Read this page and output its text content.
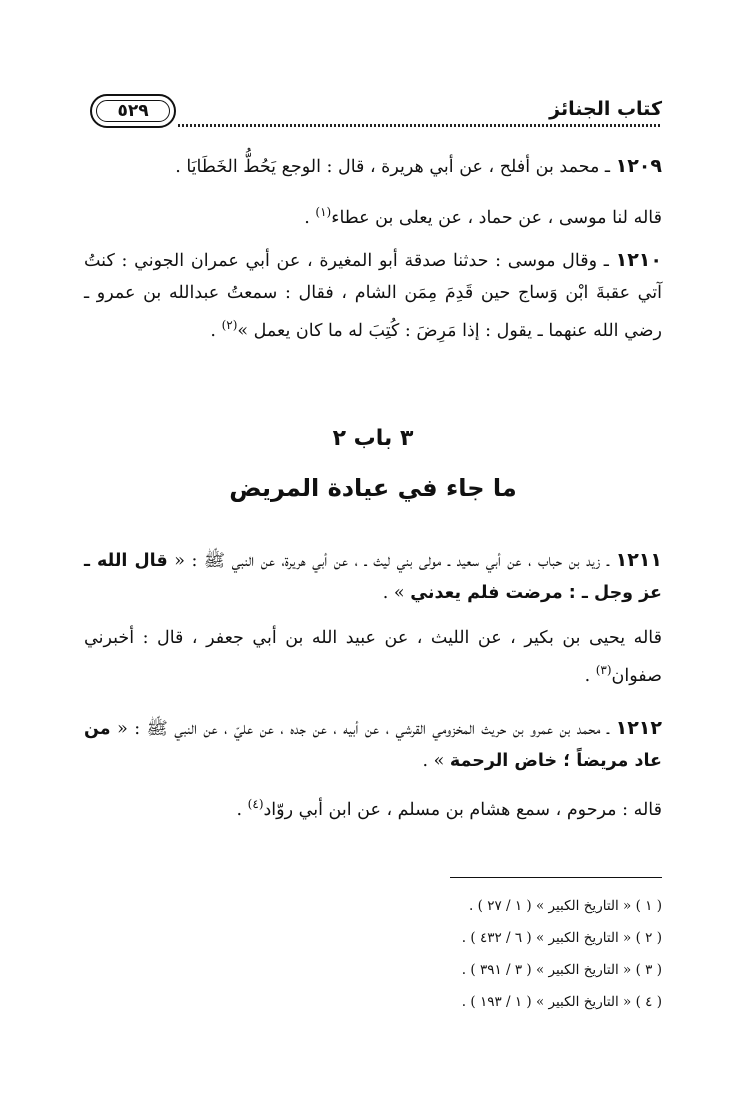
كتاب الجنائز
٥٢٩
١٢٠٩ ـ محمد بن أفلح ، عن أبي هريرة ، قال : الوجع يَحُطُّ الخَطَايَا .
قاله لنا موسى ، عن حماد ، عن يعلى بن عطاء$^{(١)}$ .
١٢١٠ ـ وقال موسى : حدثنا صدقة أبو المغيرة ، عن أبي عمران الجوني : كنتُ آتي عقبةَ ابْن وَساج حين قَدِمَ مِمَن الشام ، فقال : سمعتُ عبدالله بن عمرو ـ رضي الله عنهما ـ يقول : إذا مَرِضَ : كُتِبَ له ما كان يعمل »$^{(٢)}$ .
٣ باب ٢
ما جاء في عيادة المريض
١٢١١ ـ زيد بن حباب ، عن أبي سعيد ـ مولى بني ليث ـ ، عن أبي هريرة، عن النبي ﷺ : « قال الله ـ عز وجل ـ : مرضت فلم يعدني » .
قاله يحيى بن بكير ، عن الليث ، عن عبيد الله بن أبي جعفر ، قال : أخبرني صفوان$^{(٣)}$ .
١٢١٢ ـ محمد بن عمرو بن حريث المخزومي القرشي ، عن أبيه ، عن جده ، عن عليّ ، عن النبي ﷺ : « من عاد مريضاً ؛ خاض الرحمة » .
قاله : مرحوم ، سمع هشام بن مسلم ، عن ابن أبي روّاد$^{(٤)}$ .
( ١ ) « التاريخ الكبير » ( ١ / ٢٧ ) .
( ٢ ) « التاريخ الكبير » ( ٦ / ٤٣٢ ) .
( ٣ ) « التاريخ الكبير » ( ٣ / ٣٩١ ) .
( ٤ ) « التاريخ الكبير » ( ١ / ١٩٣ ) .
